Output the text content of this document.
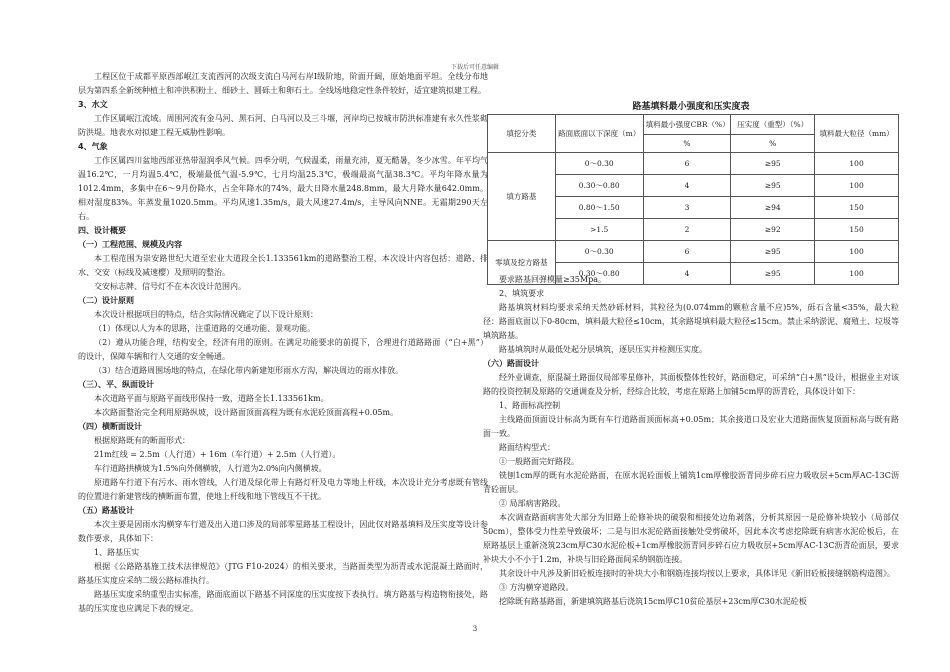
下载后可任意编辑

工程区位于成都平原西部岷江支流西河的次级支流白马河右岸Ⅰ级阶地，阶面开阔，原始地面平坦。全线分布地层为第四系全新统种植土和冲洪积粉土、细砂土、圆砾土和卵石土。全线场地稳定性条件较好，适宜建筑拟建工程。

3、水文

工作区属岷江流域。周围河流有金马河、黑石河、白马河以及三斗堰，河岸均已按城市防洪标准建有永久性浆砌防洪堤。地表水对拟建工程无威胁性影响。

4、气象

工作区属四川盆地西部亚热带湿润季风气候。四季分明，气候温柔，雨量充沛，夏无酷暑，冬少冰雪。年平均气温16.2℃，一月均温5.4℃，极端最低气温-5.9℃，七月均温25.3℃，极端最高气温38.3℃。平均年降水量为1012.4mm，多集中在6～9月份降水，占全年降水的74%，最大日降水量248.8mm，最大月降水量642.0mm。相对湿度83%。年蒸发量1020.5mm。平均风速1.35m/s，最大风速27.4m/s，主导风向NNE。无霜期290天左右。

四、设计概要

（一）工程范围、规模及内容

本工程范围为崇安路世纪大道至宏业大道段全长1.133561km的道路整治工程，本次设计内容包括：道路、排水、交安（标线及减速樱）及照明的整治。

交安标志牌、信号灯不在本次设计范围内。

（二）设计原则

本次设计根据项目的特点，结合实际情况确定了以下设计原则：

（1）体现以人为本的思路，注重道路的交通功能、景观功能。

（2）遵从功能合理，结构安全，经济有用的原则。在满足功能要求的前提下，合理进行道路路面（“白+黑”）的设计，保障车辆和行人交通的安全畅通。

（3）结合道路周围场地的特点，在绿化带内新建矩形雨水方沟，解决周边的雨水排放。

（三）、平、纵面设计

本次道路平面与原路平面线形保持一致，道路全长1.133561km。

本次路面整治完全利用原路纵坡，设计路面顶面高程为既有水泥砼顶面高程+0.05m。

（四）横断面设计

根据原路既有的断面形式：

21m红线 = 2.5m（人行道）+ 16m（车行道）+ 2.5m（人行道）。

车行道路拱横坡为1.5%向外侧横坡，人行道为2.0%向内侧横坡。

原道路车行道下有污水、雨水管线，人行道及绿化带上有路灯杆及电力等地上杆线，本次设计充分考虑既有管线的位置进行新建管线的横断面布置，使地上杆线和地下管线互不干扰。

（五）路基设计

本次主要是因雨水沟横穿车行道及出入道口涉及的局部零星路基工程设计，因此仅对路基填料及压实度等设计参数作要求，具体如下：

1、路基压实

根据《公路路基施工技术法律规范》（JTG F10-2024）的相关要求，当路面类型为沥青或水泥混凝土路面时，路基压实度应采纳二级公路标准执行。

路基压实度采纳重型击实标准，路面底面以下路基不同深度的压实度按下表执行。填方路基与构造物衔接处，路基的压实度也应满足下表的规定。

路基填料最小强度和压实度表
填挖分类	路面底面以下深度（m）	填料最小强度CBR（%）	压实度（重型）（%）	填料最大粒径（mm）
		%	%	
填方路基	0～0.30	6	≥95	100
	0.30～0.80	4	≥95	100
	0.80～1.50	3	≥94	150
	>1.5	2	≥92	150
零填及挖方路基	0～0.30	6	≥95	100
	0.30～0.80	4	≥95	100

要求路基回弹模量≥35Mpa。

2、填筑要求

路基填筑材料均要求采纳天然砂砾材料，其粒径为(0.074mm的颗粒含量不应)5%，砾石含量<35%，最大粒径：路面底面以下0-80cm，填料最大粒径≤10cm，其余路堤填料最大粒径≤15cm。禁止采纳淤泥、腐殖土、垃圾等填筑路基。

路基填筑时从最低处起分层填筑，逐层压实并检测压实度。

（六）路面设计

经外业调查，原混凝土路面仅局部零星修补，其面板整体性较好，路面稳定，可采纳“白+黑”设计，根据业主对该路的投资控制及原路的交通调查及分析，经综合比较，考虑在原路上加铺5cm厚的沥青砼，具体设计如下：

1、路面标高控制

主线路面顶面设计标高为既有车行道路面顶面标高+0.05m；其余接道口及宏业大道路面恢复顶面标高与既有路面一致。

路面结构型式：

①一般路面完好路段。

铣刨1cm厚的既有水泥砼路面，在原水泥砼面板上铺筑1cm厚橡胶沥青同步碎石应力吸收层+5cm厚AC-13C沥青砼面层。

② 局部病害路段。

本次调查路面病害处大部分为旧路上砼修补块的破裂和相接处边角剥落，分析其原因一是砼修补块较小（局部仅50cm），整体受力性差导致破坏；二是与旧水泥砼路面接触处受剪破坏，因此本次考虑挖除既有病害水泥砼板后，在原路基层上重新浇筑23cm厚C30水泥砼板+1cm厚橡胶沥青同步碎石应力吸收层+5cm厚AC-13C沥青砼面层，要求补块大小不小于1.2m，补块与旧砼路面间采纳钢筋连接。

其余设计中凡涉及新旧砼板连接时的补块大小和钢筋连接均按以上要求，具体详见《新旧砼板接缝钢筋构造图》。

③ 方沟横穿道路段。

挖除既有路基路面，新建填筑路基后浇筑15cm厚C10贫砼基层+23cm厚C30水泥砼板

3
